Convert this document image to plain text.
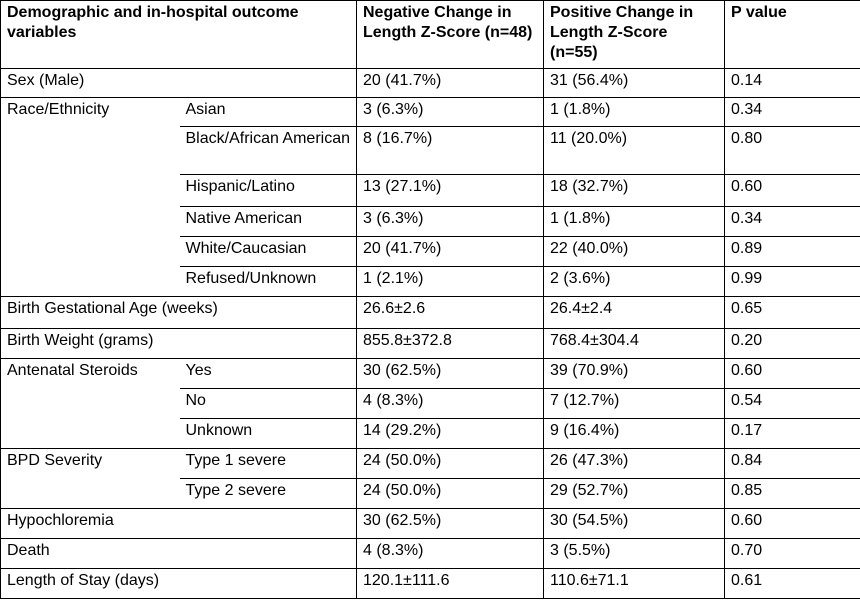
Demographic and in-hospital outcome variables		Negative Change in Length Z-Score (n=48)	Positive Change in Length Z-Score (n=55)	P value
Sex (Male)		20 (41.7%)	31 (56.4%)	0.14
Race/Ethnicity	Asian	3 (6.3%)	1 (1.8%)	0.34
	Black/African American	8 (16.7%)	11 (20.0%)	0.80
	Hispanic/Latino	13 (27.1%)	18 (32.7%)	0.60
	Native American	3 (6.3%)	1 (1.8%)	0.34
	White/Caucasian	20 (41.7%)	22 (40.0%)	0.89
	Refused/Unknown	1 (2.1%)	2 (3.6%)	0.99
Birth Gestational Age (weeks)		26.6±2.6	26.4±2.4	0.65
Birth Weight (grams)		855.8±372.8	768.4±304.4	0.20
Antenatal Steroids	Yes	30 (62.5%)	39 (70.9%)	0.60
	No	4 (8.3%)	7 (12.7%)	0.54
	Unknown	14 (29.2%)	9 (16.4%)	0.17
BPD Severity	Type 1 severe	24 (50.0%)	26 (47.3%)	0.84
	Type 2 severe	24 (50.0%)	29 (52.7%)	0.85
Hypochloremia		30 (62.5%)	30 (54.5%)	0.60
Death		4 (8.3%)	3 (5.5%)	0.70
Length of Stay (days)		120.1±111.6	110.6±71.1	0.61
